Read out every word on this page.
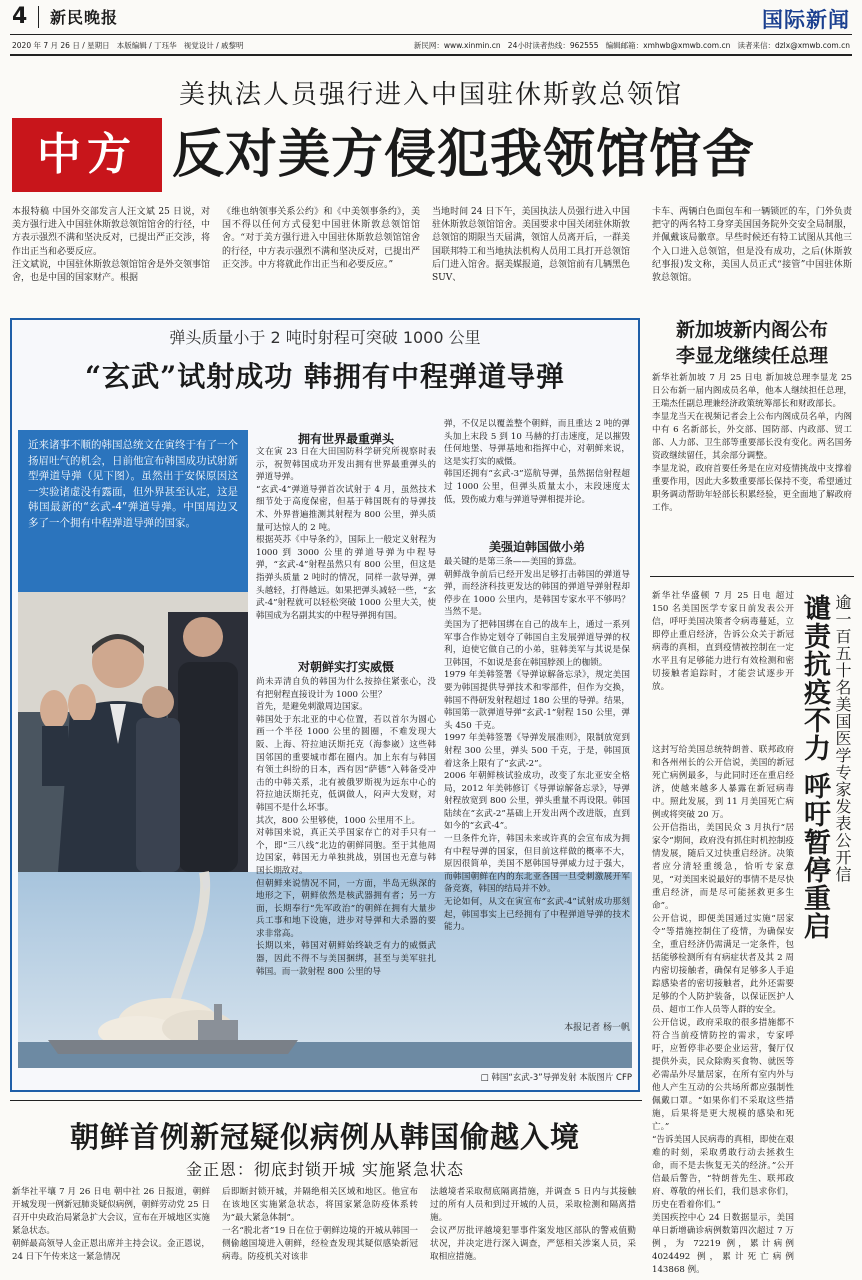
4 新民晚报	国际新闻
2020 年 7 月 26 日 / 星期日   本版编辑 / 丁珏华   视觉设计 / 戚黎明	新民网：www.xinmin.cn   24小时读者热线：962555   编辑邮箱：xmhwb@xmwb.com.cn   读者来信：dzlx@xmwb.com.cn
美执法人员强行进入中国驻休斯敦总领馆
中方 反对美方侵犯我领馆馆舍
本报特稿 中国外交部发言人汪文斌 25 日说，对美方强行进入中国驻休斯敦总领馆馆舍的行径，中方表示强烈不满和坚决反对，已提出严正交涉，将作出正当和必要反应。
汪文斌说，中国驻休斯敦总领馆馆舍是外交领事馆舍，也是中国的国家财产。根据
《维也纳领事关系公约》和《中美领事条约》，美国不得以任何方式侵犯中国驻休斯敦总领馆馆舍。“对于美方强行进入中国驻休斯敦总领馆馆舍的行径，中方表示强烈不满和坚决反对，已提出严正交涉。中方将就此作出正当和必要反应。”
当地时间 24 日下午，美国执法人员强行进入中国驻休斯敦总领馆馆舍。美国要求中国关闭驻休斯敦总领馆的期限当天届满，领馆人员离开后，一群美国联邦特工和当地执法机构人员用工具打开总领馆后门进入馆舍。据美媒报道，总领馆前有几辆黑色 SUV、
卡车、两辆白色面包车和一辆锁匠的车，门外负责把守的两名特工身穿美国国务院外交安全局制服，并佩戴该局徽章。早些时候还有特工试图从其他三个入口进入总领馆，但是没有成功，之后(休斯敦纪事报)发文称，美国人员正式“接管”中国驻休斯敦总领馆。
弹头质量小于 2 吨时射程可突破 1000 公里
“玄武”试射成功 韩拥有中程弹道导弹
近来诸事不顺的韩国总统文在寅终于有了一个扬眉吐气的机会，日前他宣布韩国成功试射新型弹道导弹（见下图）。虽然出于安保原因这一实验诸虚没有露面，但外界甚至认定，这是韩国最新的“玄武-4”弹道导弹。中国周边又多了一个拥有中程弹道导弹的国家。
□ 韩国“玄武-3”导弹发射 本版图片 CFP
拥有世界最重弹头
文在寅 23 日在大田国防科学研究所视察时表示，祝贺韩国成功开发出拥有世界最重弹头的弹道导弹。
“玄武-4”弹道导弹首次试射于 4 月，虽然技术细节处于高度保密，但基于韩国既有的导弹技术、外界普遍推测其射程为 800 公里，弹头质量可达惊人的 2 吨。
根据英苏《中导条约》，国际上一般定义射程为 1000 到 3000 公里的弹道导弹为中程导弹，“玄武-4”射程虽然只有 800 公里，但这是指弹头质量 2 吨时的情况，同样一款导弹，弹头越轻，打得越远。如果把弹头减轻一些，“玄武-4”射程就可以轻松突破 1000 公里大关，使韩国成为名副其实的中程导弹拥有国。
对朝鲜实打实威慑
尚未弄清自负的韩国为什么按捺住紧张心，没有把射程直接设计为 1000 公里？
首先，是避免刺激周边国家。
韩国处于东北亚的中心位置，若以首尔为圆心画一个半径 1000 公里的圆圈，不难发现大阪、上海、符拉迪沃斯托克（海参崴）这些韩国邻国的重要城市都在圈内。加上东有与韩国有领土纠纷的日本，西有因“萨德”入韩备受冲击的中韩关系，北有被俄罗斯视为远东中心的符拉迪沃斯托克，低调做人，闷声大发财，对韩国不是什么坏事。
其次，800 公里够使，1000 公里用不上。
对韩国来说，真正关乎国家存亡的对手只有一个，即“三八线”北边的朝鲜同胞。至于其他周边国家，韩国无力单独挑战，别国也无意与韩国长期敌对。
但朝鲜来说情况不同，一方面，半岛无纵深的地形之下，朝鲜依然是核武器拥有者；另一方面，长期奉行“先军政治”的朝鲜在拥有大量步兵工事和地下设施，进步对导弹和大杀器的要求非常高。
长期以来，韩国对朝鲜始终缺乏有力的威慑武器，因此不得不与美国捆绑，甚至与美军驻扎韩国。而一款射程 800 公里的导
弹，不仅足以覆盖整个朝鲜，而且重达 2 吨的弹头加上末段 5 到 10 马赫的打击速度，足以摧毁任何地堡、导弹基地和指挥中心，对朝鲜来说，这是实打实的威慑。
韩国还拥有“玄武-3”巡航导弹，虽然据信射程超过 1000 公里，但弹头质量太小，末段速度太低，毁伤威力难与弹道导弹相提并论。
美强迫韩国做小弟
最关键的是第三条——美国的算盘。
朝鲜战争前后已经开发出足够打击韩国的弹道导弹，而经济科技更发达的韩国的弹道导弹射程却停步在 1000 公里内，是韩国专家水平不够吗？当然不是。
美国为了把韩国绑在自己的战车上，通过一系列军事合作协定划夺了韩国自主发展弹道导弹的权利，迫使它做自己的小弟，驻韩美军与其说是保卫韩国，不如说是套在韩国脖颈上的枷锁。
1979 年美韩签署《导弹谅解备忘录》，规定美国要为韩国提供导弹技术和零部件，但作为交换，韩国不得研发射程超过 180 公里的导弹。结果，韩国第一款弹道导弹“玄武-1”射程 150 公里，弹头 450 千克。
1997 年美韩签署《导弹发展准则》，限制放宽到射程 300 公里，弹头 500 千克，于是，韩国顶着这条上限有了“玄武-2”。
2006 年朝鲜核试验成功，改变了东北亚安全格局，2012 年美韩修订《导弹谅解备忘录》，导弹射程放宽到 800 公里，弹头重量不再设限。韩国陆续在“玄武-2”基础上开发出两个改进版，直到如今的“玄武-4”。
一旦条件允许，韩国未来或许真的会宣布成为拥有中程导弹的国家，但目前这样做的概率不大，原因很简单，美国不愿韩国导弹威力过于强大，而韩国朝鲜在内的东北亚各国一旦受刺激展开军备竞赛，韩国的结局并不妙。
无论如何，从文在寅宣布“玄武-4”试射成功那刻起，韩国事实上已经拥有了中程弹道导弹的技术能力。
本报记者 杨一帆
新加坡新内阁公布
李显龙继续任总理
新华社新加坡 7 月 25 日电 新加坡总理李显龙 25 日公布新一届内阁成员名单，他本人继续担任总理，王瑞杰任副总理兼经济政策统筹部长和财政部长。
李显龙当天在视频记者会上公布内阁成员名单，内阁中有 6 名新部长，外交部、国防部、内政部、贸工部、人力部、卫生部等重要部长没有变化。两名国务资政继续留任，其余部分调整。
李显龙说，政府首要任务是在应对疫情挑战中支撑着重要作用，因此大多数重要部长保持不变，希望通过职务调动帮助年轻部长积累经验，更全面地了解政府工作。
逾一百五十名美国医学专家发表公开信
谴责抗疫不力 呼吁暂停重启
新华社华盛顿 7 月 25 日电 超过 150 名美国医学专家日前发表公开信，呼吁美国决策者令病毒蔓延，立即停止重启经济，告诉公众关于新冠病毒的真相，直到疫情被控制在一定水平且有足够能力进行有效检测和密切接触者追踪时，才能尝试逐步开放。
这封写给美国总统特朗普、联邦政府和各州州长的公开信说，美国的新冠死亡病例最多，与此同时还在重启经济，使越来越多人暴露在新冠病毒中。照此发展，到 11 月美国死亡病例或将突破 20 万。
公开信指出，美国民众 3 月执行“居家令”期间，政府没有抓住时机控制疫情发展，随后又过快重启经济。决策者应分清轻重缓急，恰听专家意见，“对美国来说最好的事情不是尽快重启经济，而是尽可能拯救更多生命”。
公开信说，即便美国通过实施“居家令”等措施控制住了疫情，为确保安全，重启经济仍需满足一定条件，包括能够检测所有有病症状者及其 2 周内密切接触者，确保有足够多人手追踪感染者的密切接触者，此外还需要足够的个人防护装备，以保证医护人员、超市工作人员等人群的安全。
公开信说，政府采取的很多措施都不符合当前疫情防控的需求，专家呼吁，应暂停非必要企业运营，餐厅仅提供外卖，民众除购买食物、就医等必需品外尽量居家，在所有室内外与他人产生互动的公共场所都应强制性佩戴口罩。“如果你们不采取这些措施，后果将是更大规模的感染和死亡。”
“告诉美国人民病毒的真相，即使在艰难的时刻，采取勇敢行动去拯救生命，而不是去恢复无关的经济。”公开信最后警告，“特朗普先生、联邦政府、尊敬的州长们，我们恳求你们，历史在看着你们。”
美国疾控中心 24 日数据显示，美国单日新增确诊病例数第四次超过 7 万例，为 72219 例，累计病例 4024492 例，累计死亡病例 143868 例。
朝鲜首例新冠疑似病例从韩国偷越入境
金正恩：彻底封锁开城 实施紧急状态
新华社平壤 7 月 26 日电 朝中社 26 日报道，朝鲜开城发现一例新冠肺炎疑似病例，朝鲜劳动党 25 日召开中央政治局紧急扩大会议，宣布在开城地区实施紧急状态。
朝鲜最高领导人金正恩出席并主持会议。金正恩说，24 日下午传来这一紧急情况
后即断封锁开城，并隔绝相关区域和地区。他宣布在该地区实施紧急状态，将国家紧急防疫体系转为“最大紧急体制”。
一名“脱北者”19 日在位于朝鲜边境的开城从韩国一侧偷越国境进入朝鲜，经检查发现其疑似感染新冠病毒。防疫机关对该非
法越境者采取彻底隔离措施，并调查 5 日内与其接触过的所有人员和到过开城的人员，采取检测和隔离措施。
会议严厉批评越境犯罪事件案发地区部队的警戒值勤状况，并决定进行深入调查，严惩相关涉案人员，采取相应措施。
